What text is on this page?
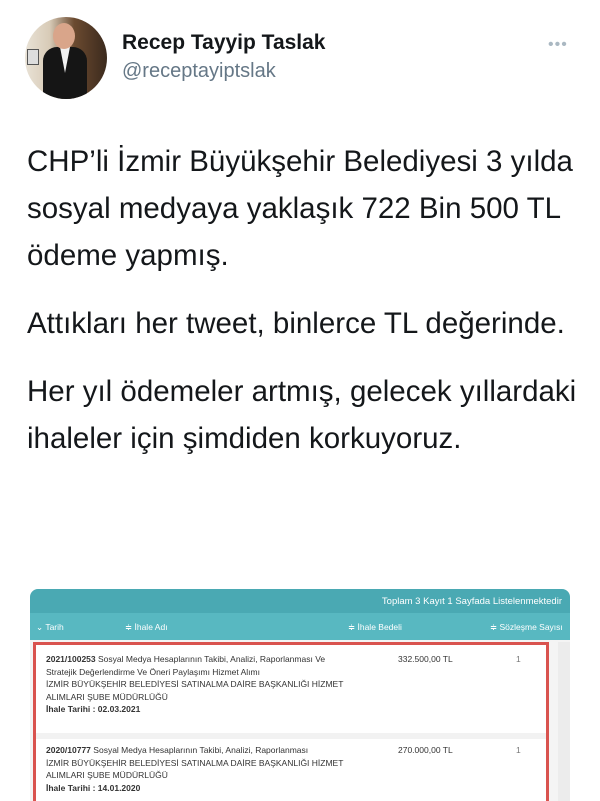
Recep Tayyip Taslak
@receptayiptslak
•••

CHP’li İzmir Büyükşehir Belediyesi 3 yılda sosyal medyaya yaklaşık 722 Bin 500 TL ödeme yapmış.

Attıkları her tweet, binlerce TL değerinde.

Her yıl ödemeler artmış, gelecek yıllardaki ihaleler için şimdiden korkuyoruz.

Toplam 3 Kayıt 1 Sayfada Listelenmektedir
⌄ Tarih	≑ İhale Adı	≑ İhale Bedeli	≑ Sözleşme Sayısı
2021/100253 Sosyal Medya Hesaplarının Takibi, Analizi, Raporlanması Ve
Stratejik Değerlendirme Ve Öneri Paylaşımı Hizmet Alımı
İZMİR BÜYÜKŞEHİR BELEDİYESİ SATINALMA DAİRE BAŞKANLIĞI HİZMET
ALIMLARI ŞUBE MÜDÜRLÜĞÜ
İhale Tarihi : 02.03.2021
332.500,00 TL	1
2020/10777 Sosyal Medya Hesaplarının Takibi, Analizi, Raporlanması
İZMİR BÜYÜKŞEHİR BELEDİYESİ SATINALMA DAİRE BAŞKANLIĞI HİZMET
ALIMLARI ŞUBE MÜDÜRLÜĞÜ
İhale Tarihi : 14.01.2020
270.000,00 TL	1
